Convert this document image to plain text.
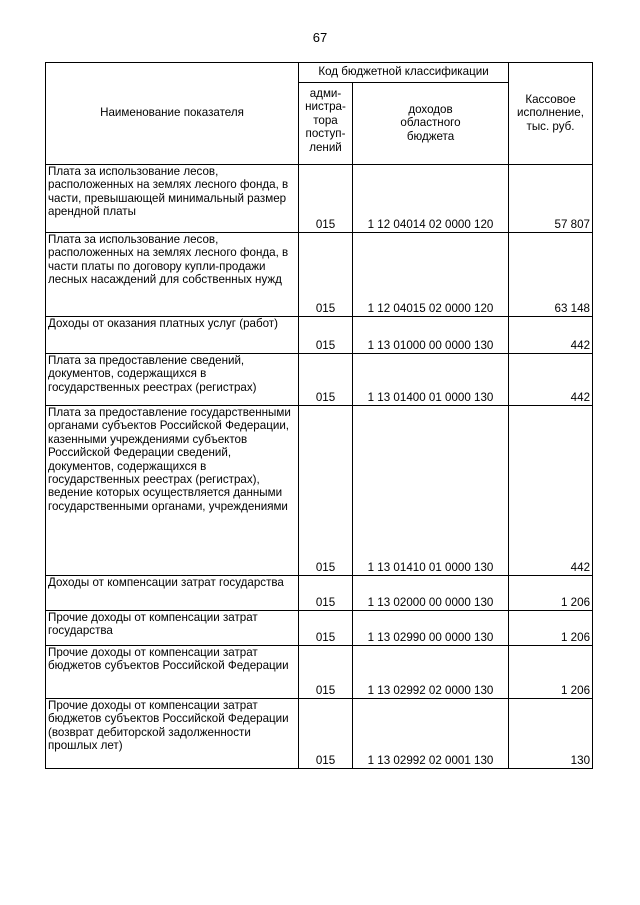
67
Наименование показателя	Код бюджетной классификации		Кассовое
исполнение,
тыс. руб.
	адми-
нистра-
тора
поступ-
лений	доходов
областного
бюджета	
Плата за использование лесов, расположенных на землях лесного фонда, в части, превышающей минимальный размер арендной платы	015	1 12 04014 02 0000 120	57 807
Плата за использование лесов, расположенных на землях лесного фонда, в части платы по договору купли-продажи лесных насаждений для собственных нужд	015	1 12 04015 02 0000 120	63 148
Доходы от оказания платных услуг (работ)	015	1 13 01000 00 0000 130	442
Плата за предоставление сведений, документов, содержащихся в государственных реестрах (регистрах)	015	1 13 01400 01 0000 130	442
Плата за предоставление государственными органами субъектов Российской Федерации, казенными учреждениями субъектов Российской Федерации сведений, документов, содержащихся в государственных реестрах (регистрах), ведение которых осуществляется данными государственными органами, учреждениями	015	1 13 01410 01 0000 130	442
Доходы от компенсации затрат государства	015	1 13 02000 00 0000 130	1 206
Прочие доходы от компенсации затрат государства	015	1 13 02990 00 0000 130	1 206
Прочие доходы от компенсации затрат бюджетов субъектов Российской Федерации	015	1 13 02992 02 0000 130	1 206
Прочие доходы от компенсации затрат бюджетов субъектов Российской Федерации (возврат дебиторской задолженности прошлых лет)	015	1 13 02992 02 0001 130	130
